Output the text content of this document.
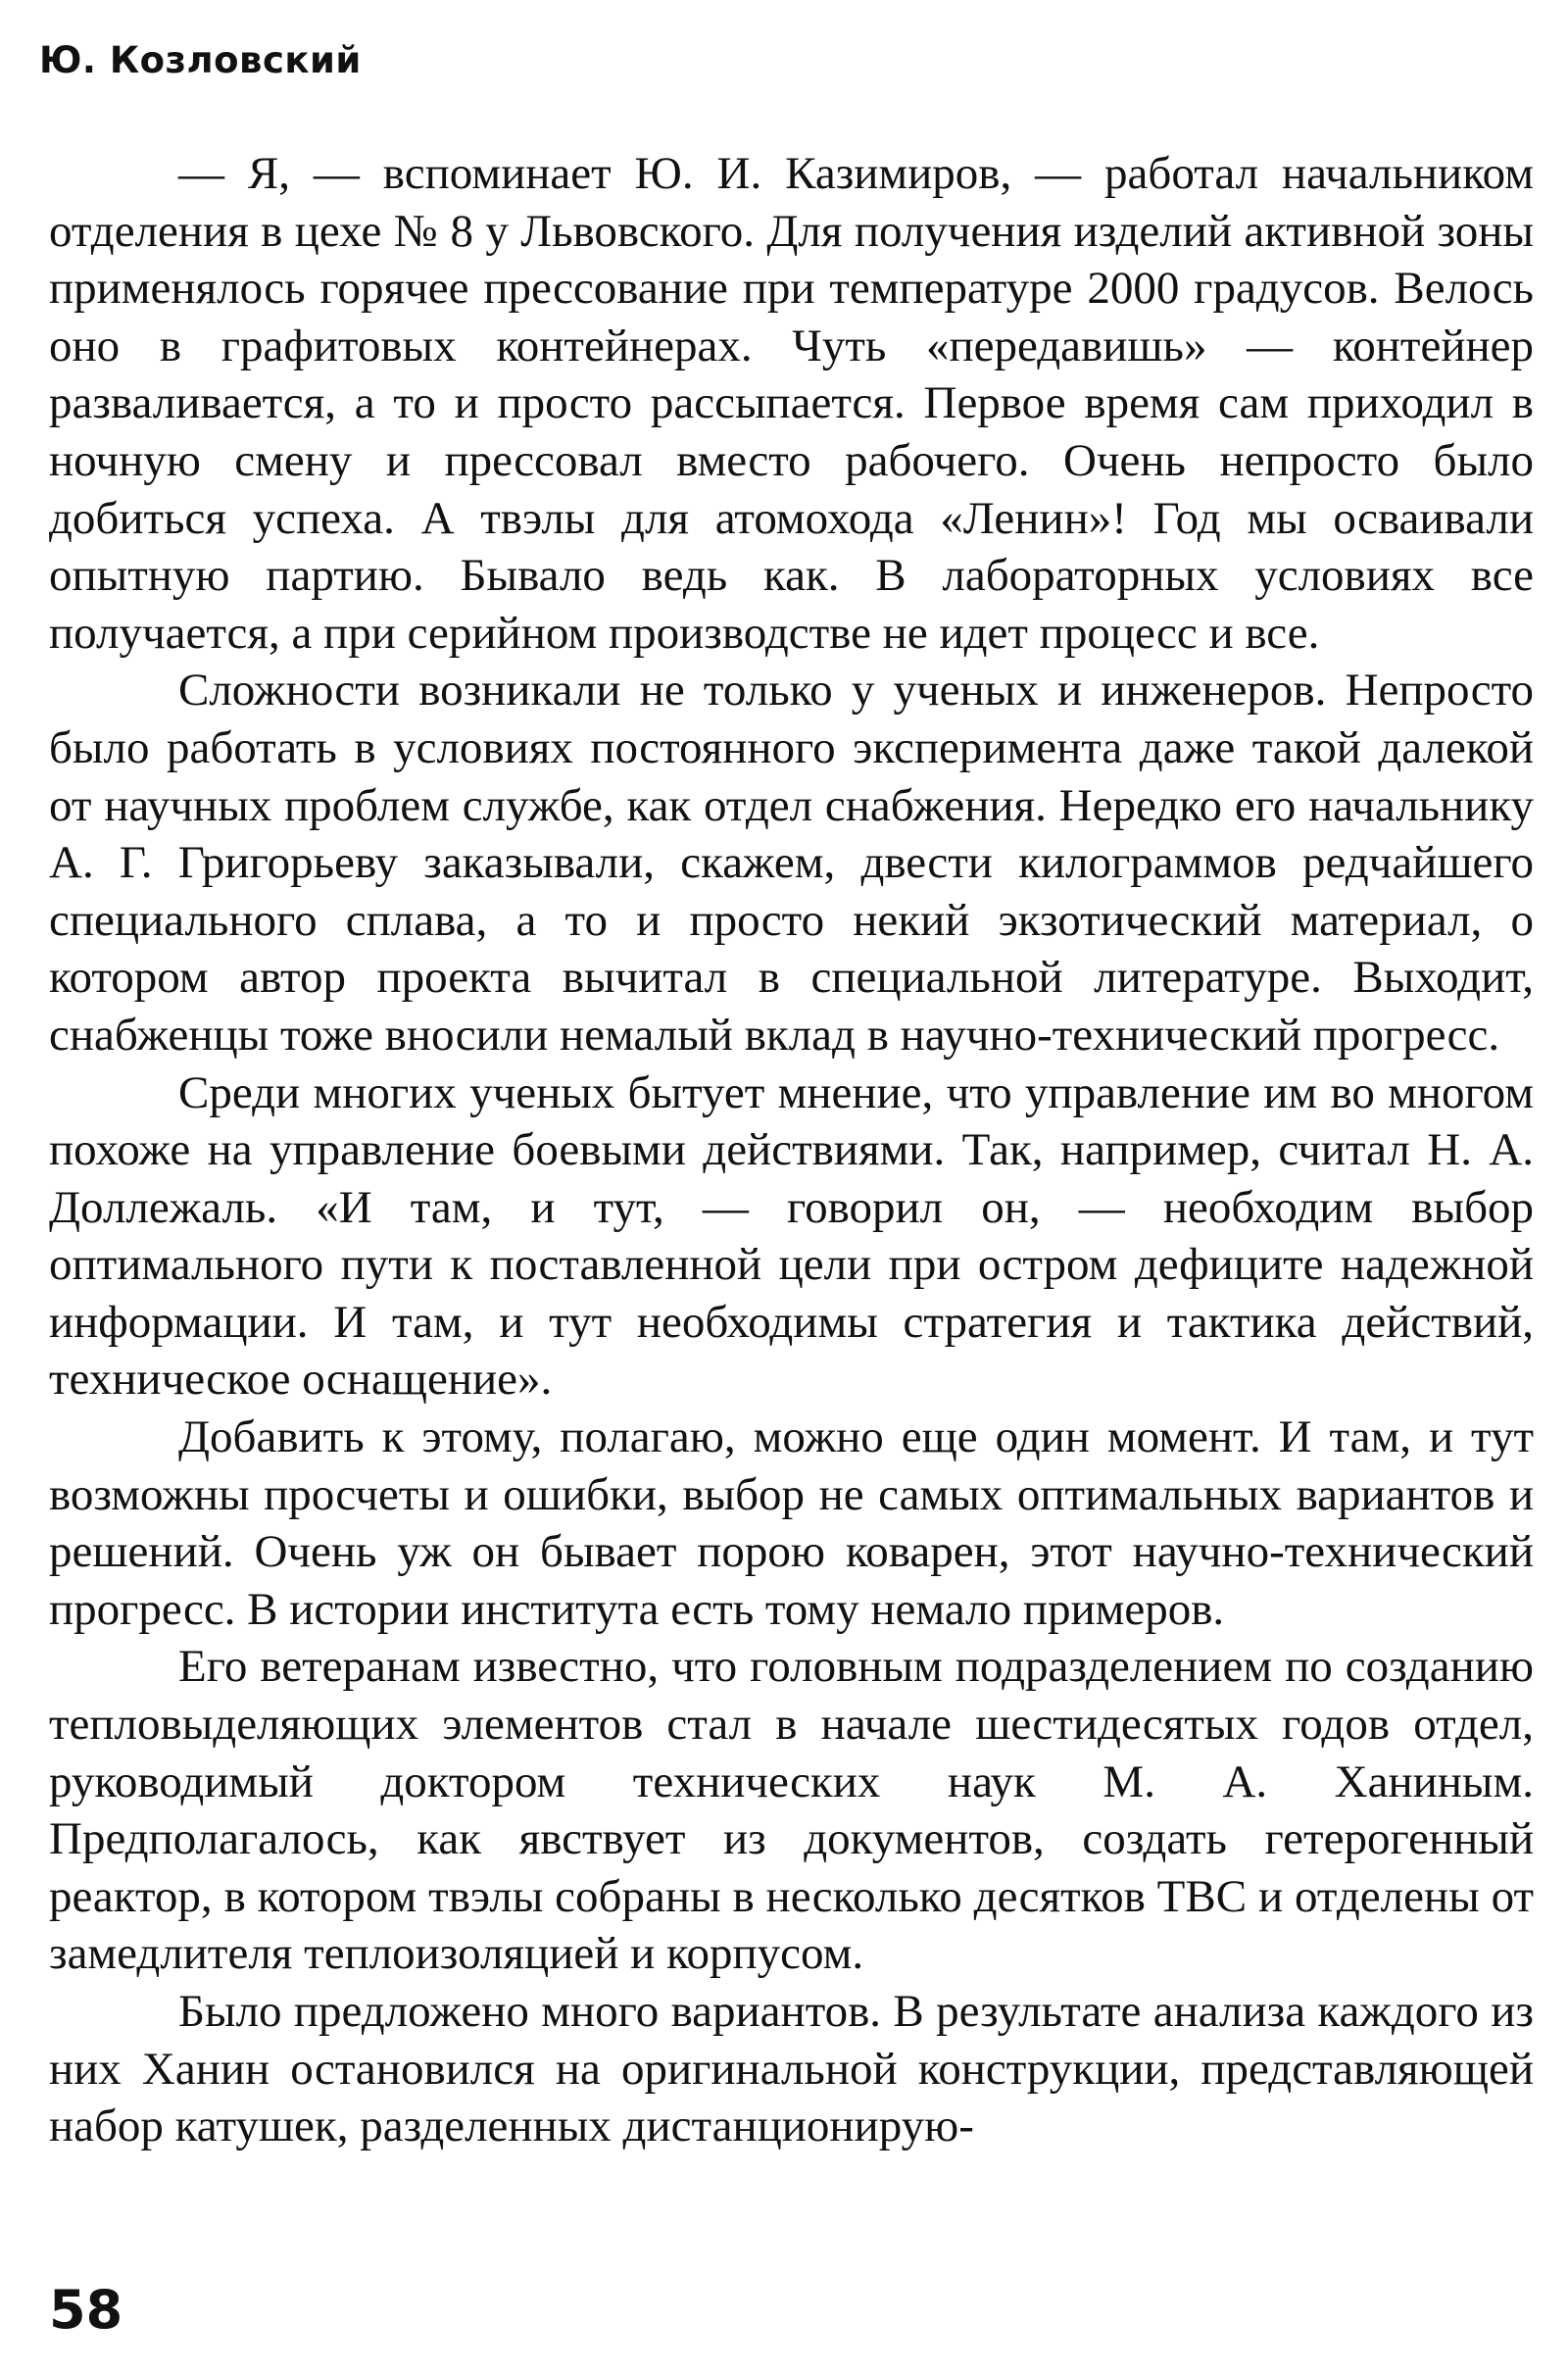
Ю. Козловский

— Я, — вспоминает Ю. И. Казимиров, — работал начальником отделения в цехе № 8 у Львовского. Для получения изделий активной зоны применялось горячее прессование при температуре 2000 градусов. Велось оно в графитовых контейнерах. Чуть «передавишь» — контейнер разваливается, а то и просто рассыпается. Первое время сам приходил в ночную смену и прессовал вместо рабочего. Очень непросто было добиться успеха. А твэлы для атомохода «Ленин»! Год мы осваивали опытную партию. Бывало ведь как. В лабораторных условиях все получается, а при серийном производстве не идет процесс и все.

Сложности возникали не только у ученых и инженеров. Непросто было работать в условиях постоянного эксперимента даже такой далекой от научных проблем службе, как отдел снабжения. Нередко его начальнику А. Г. Григорьеву заказывали, скажем, двести килограммов редчайшего специального сплава, а то и просто некий экзотический материал, о котором автор проекта вычитал в специальной литературе. Выходит, снабженцы тоже вносили немалый вклад в научно-технический прогресс.

Среди многих ученых бытует мнение, что управление им во многом похоже на управление боевыми действиями. Так, например, считал Н. А. Доллежаль. «И там, и тут, — говорил он, — необходим выбор оптимального пути к поставленной цели при остром дефиците надежной информации. И там, и тут необходимы стратегия и тактика действий, техническое оснащение».

Добавить к этому, полагаю, можно еще один момент. И там, и тут возможны просчеты и ошибки, выбор не самых оптимальных вариантов и решений. Очень уж он бывает порою коварен, этот научно-технический прогресс. В истории института есть тому немало примеров.

Его ветеранам известно, что головным подразделением по созданию тепловыделяющих элементов стал в начале шестидесятых годов отдел, руководимый доктором технических наук М. А. Ханиным. Предполагалось, как явствует из документов, создать гетерогенный реактор, в котором твэлы собраны в несколько десятков ТВС и отделены от замедлителя теплоизоляцией и корпусом.

Было предложено много вариантов. В результате анализа каждого из них Ханин остановился на оригинальной конструкции, представляющей набор катушек, разделенных дистанционирую-

58
